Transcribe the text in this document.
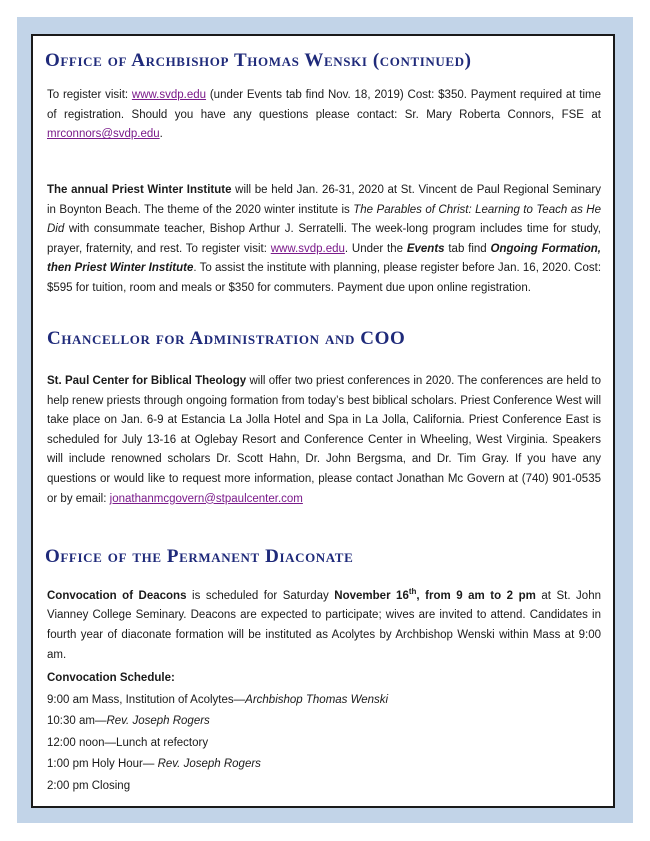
Office of Archbishop Thomas Wenski (continued)

To register visit: www.svdp.edu (under Events tab find Nov. 18, 2019) Cost: $350. Payment required at time of registration. Should you have any questions please contact: Sr. Mary Roberta Connors, FSE at mrconnors@svdp.edu.

The annual Priest Winter Institute will be held Jan. 26-31, 2020 at St. Vincent de Paul Regional Seminary in Boynton Beach. The theme of the 2020 winter institute is The Parables of Christ: Learning to Teach as He Did with consummate teacher, Bishop Arthur J. Serratelli. The week-long program includes time for study, prayer, fraternity, and rest. To register visit: www.svdp.edu. Under the Events tab find Ongoing Formation, then Priest Winter Institute. To assist the institute with planning, please register before Jan. 16, 2020. Cost: $595 for tuition, room and meals or $350 for commuters. Payment due upon online registration.

Chancellor for Administration and COO

St. Paul Center for Biblical Theology will offer two priest conferences in 2020. The conferences are held to help renew priests through ongoing formation from today’s best biblical scholars. Priest Conference West will take place on Jan. 6-9 at Estancia La Jolla Hotel and Spa in La Jolla, California. Priest Conference East is scheduled for July 13-16 at Oglebay Resort and Conference Center in Wheeling, West Virginia. Speakers will include renowned scholars Dr. Scott Hahn, Dr. John Bergsma, and Dr. Tim Gray. If you have any questions or would like to request more information, please contact Jonathan Mc Govern at (740) 901-0535 or by email: jonathanmcgovern@stpaulcenter.com

Office of the Permanent Diaconate

Convocation of Deacons is scheduled for Saturday November 16th, from 9 am to 2 pm at St. John Vianney College Seminary. Deacons are expected to participate; wives are invited to attend. Candidates in fourth year of diaconate formation will be instituted as Acolytes by Archbishop Wenski within Mass at 9:00 am.

Convocation Schedule:
9:00 am Mass, Institution of Acolytes—Archbishop Thomas Wenski
10:30 am—Rev. Joseph Rogers
12:00 noon—Lunch at refectory
1:00 pm Holy Hour— Rev. Joseph Rogers
2:00 pm Closing
